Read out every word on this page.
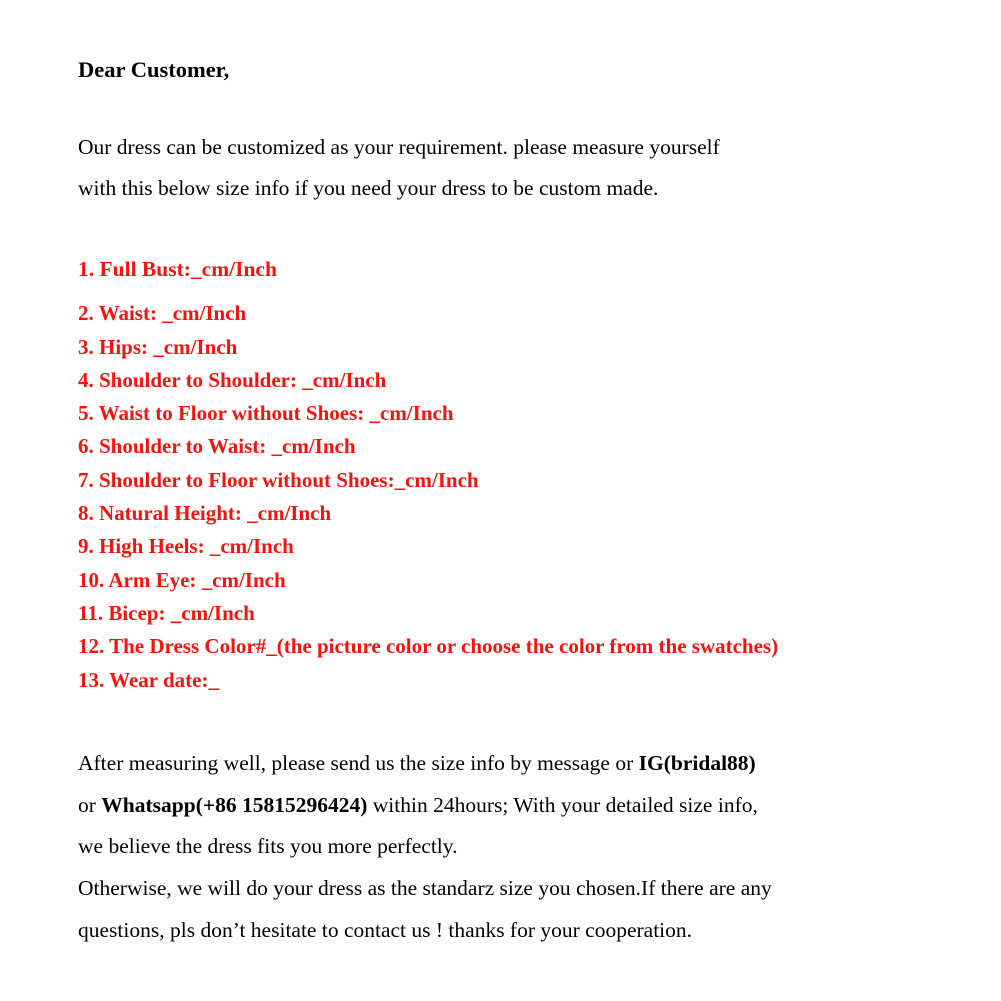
Dear Customer,

Our dress can be customized as your requirement. please measure yourself

with this below size info if you need your dress to be custom made.

1. Full Bust:_cm/Inch
2. Waist: _cm/Inch
3. Hips: _cm/Inch
4. Shoulder to Shoulder: _cm/Inch
5. Waist to Floor without Shoes: _cm/Inch
6. Shoulder to Waist: _cm/Inch
7. Shoulder to Floor without Shoes:_cm/Inch
8. Natural Height: _cm/Inch
9. High Heels: _cm/Inch
10. Arm Eye: _cm/Inch
11. Bicep: _cm/Inch
12. The Dress Color#_(the picture color or choose the color from the swatches)
13. Wear date:_

After measuring well, please send us the size info by message or IG(bridal88)

or Whatsapp(+86 15815296424) within 24hours; With your detailed size info,

we believe the dress fits you more perfectly.

Otherwise, we will do your dress as the standarz size you chosen.If there are any

questions, pls don’t hesitate to contact us ! thanks for your cooperation.
